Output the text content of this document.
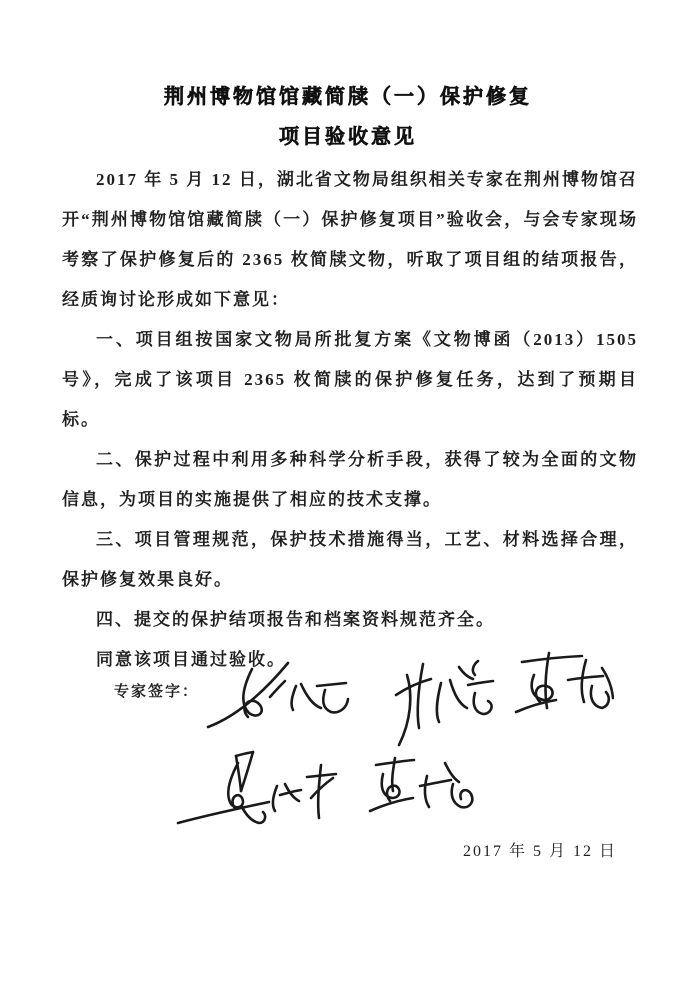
荆州博物馆馆藏简牍（一）保护修复
项目验收意见

2017 年 5 月 12 日，湖北省文物局组织相关专家在荆州博物馆召开“荆州博物馆馆藏简牍（一）保护修复项目”验收会，与会专家现场考察了保护修复后的 2365 枚简牍文物，听取了项目组的结项报告，经质询讨论形成如下意见：

一、项目组按国家文物局所批复方案《文物博函（2013）1505 号》，完成了该项目 2365 枚简牍的保护修复任务，达到了预期目标。

二、保护过程中利用多种科学分析手段，获得了较为全面的文物信息，为项目的实施提供了相应的技术支撑。

三、项目管理规范，保护技术措施得当，工艺、材料选择合理，保护修复效果良好。

四、提交的保护结项报告和档案资料规范齐全。

同意该项目通过验收。

专家签字：
2017 年 5 月 12 日
